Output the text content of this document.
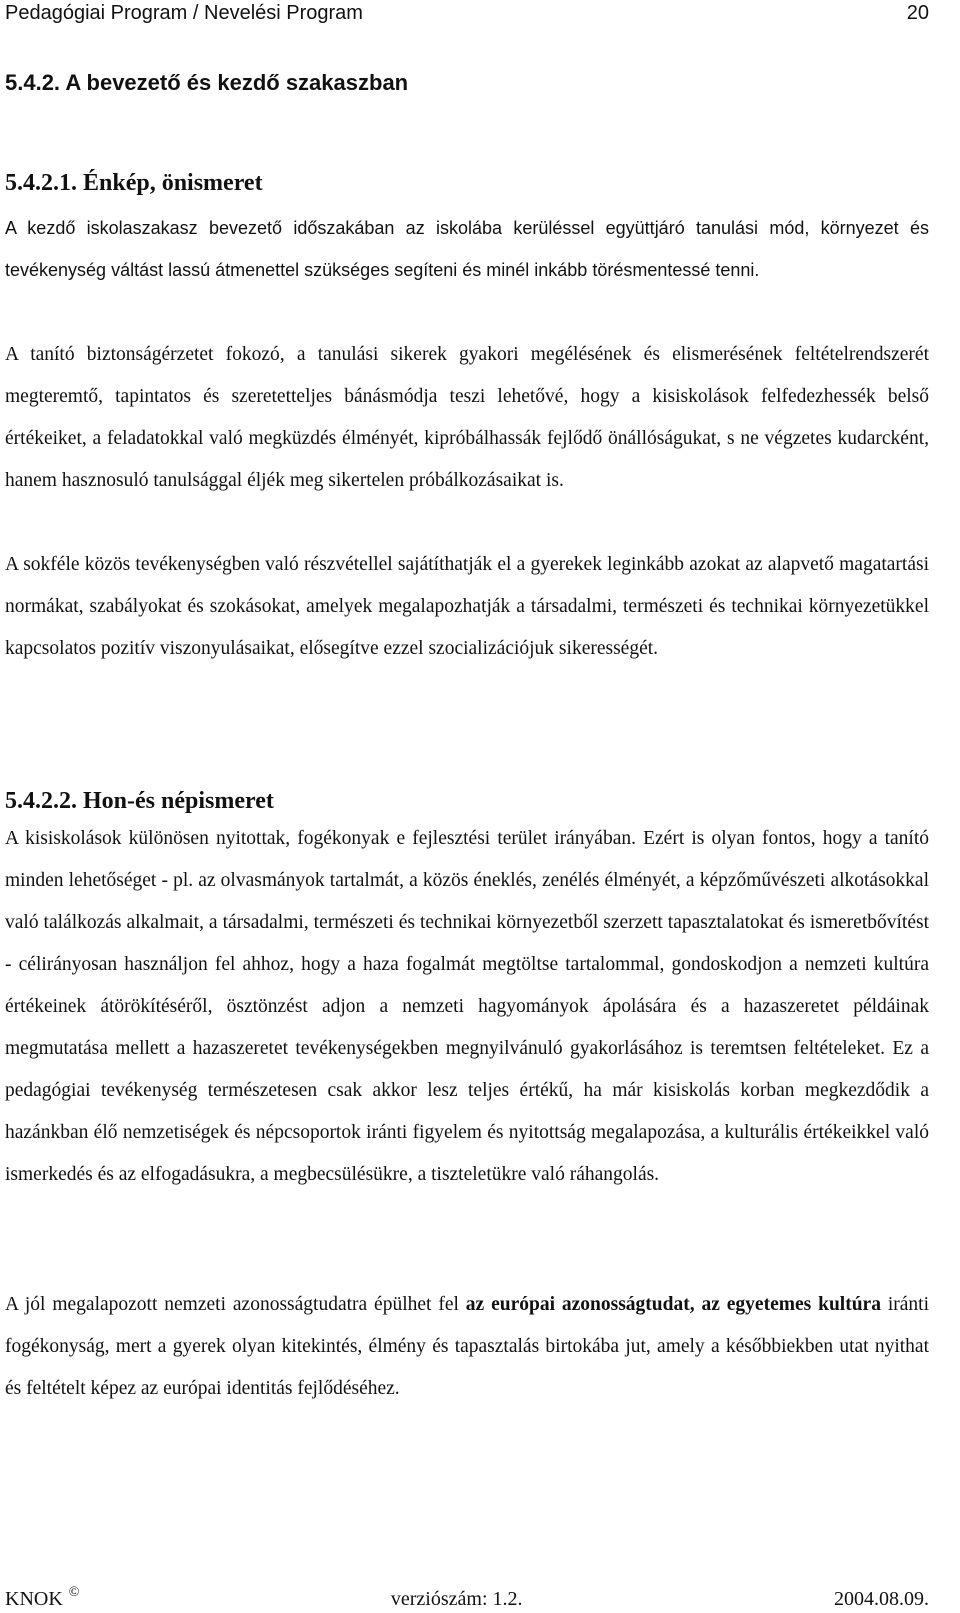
Pedagógiai Program / Nevelési Program	20
5.4.2. A bevezető és kezdő szakaszban
5.4.2.1. Énkép, önismeret

A kezdő iskolaszakasz bevezető időszakában az iskolába kerüléssel együttjáró tanulási mód, környezet és tevékenység váltást lassú átmenettel szükséges segíteni és minél inkább törésmentessé tenni.

A tanító biztonságérzetet fokozó, a tanulási sikerek gyakori megélésének és elismerésének feltételrendszerét megteremtő, tapintatos és szeretetteljes bánásmódja teszi lehetővé, hogy a kisiskolások felfedezhessék belső értékeiket, a feladatokkal való megküzdés élményét, kipróbálhassák fejlődő önállóságukat, s ne végzetes kudarcként, hanem hasznosuló tanulsággal éljék meg sikertelen próbálkozásaikat is.

A sokféle közös tevékenységben való részvétellel sajátíthatják el a gyerekek leginkább azokat az alapvető magatartási normákat, szabályokat és szokásokat, amelyek megalapozhatják a társadalmi, természeti és technikai környezetükkel kapcsolatos pozitív viszonyulásaikat, elősegítve ezzel szocializációjuk sikerességét.

5.4.2.2. Hon-és népismeret

A kisiskolások különösen nyitottak, fogékonyak e fejlesztési terület irányában. Ezért is olyan fontos, hogy a tanító minden lehetőséget - pl. az olvasmányok tartalmát, a közös éneklés, zenélés élményét, a képzőművészeti alkotásokkal való találkozás alkalmait, a társadalmi, természeti és technikai környezetből szerzett tapasztalatokat és ismeretbővítést - célirányosan használjon fel ahhoz, hogy a haza fogalmát megtöltse tartalommal, gondoskodjon a nemzeti kultúra értékeinek átörökítéséről, ösztönzést adjon a nemzeti hagyományok ápolására és a hazaszeretet példáinak megmutatása mellett a hazaszeretet tevékenységekben megnyilvánuló gyakorlásához is teremtsen feltételeket. Ez a pedagógiai tevékenység természetesen csak akkor lesz teljes értékű, ha már kisiskolás korban megkezdődik a hazánkban élő nemzetiségek és népcsoportok iránti figyelem és nyitottság megalapozása, a kulturális értékeikkel való ismerkedés és az elfogadásukra, a megbecsülésükre, a tiszteletükre való ráhangolás.

A jól megalapozott nemzeti azonosságtudatra épülhet fel az európai azonosságtudat, az egyetemes kultúra iránti fogékonyság, mert a gyerek olyan kitekintés, élmény és tapasztalás birtokába jut, amely a későbbiekben utat nyithat és feltételt képez az európai identitás fejlődéséhez.

KNOK ©	verziószám: 1.2.	2004.08.09.
